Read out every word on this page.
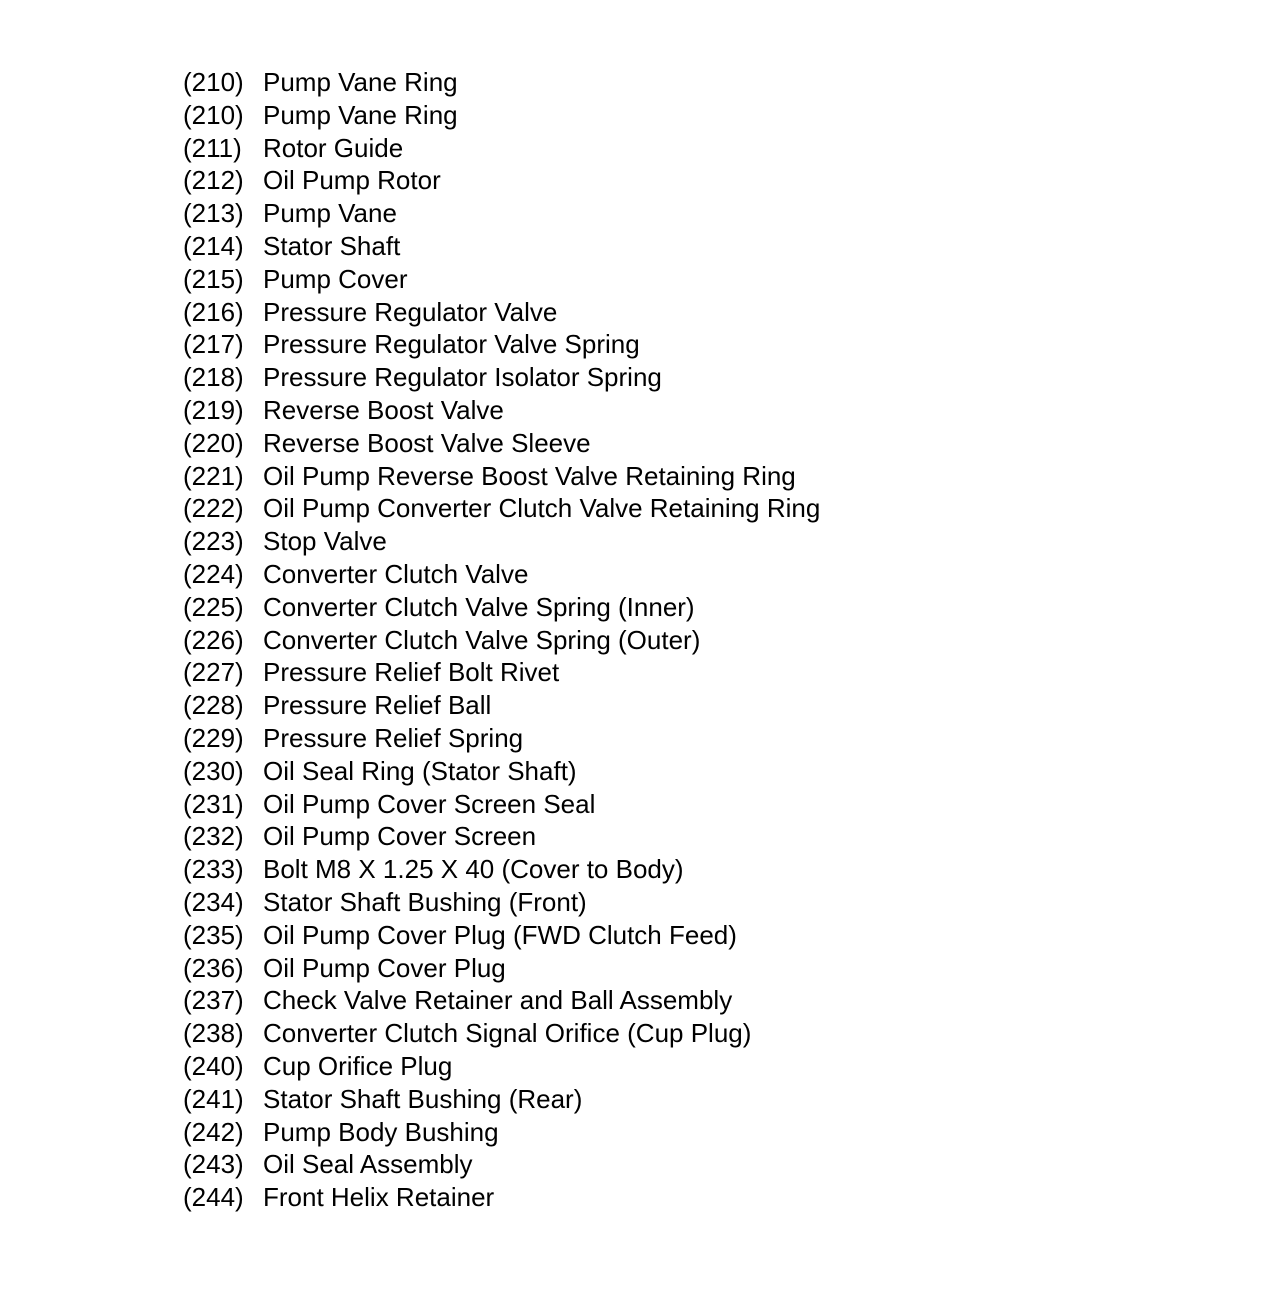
(210) Pump Vane Ring
(210) Pump Vane Ring
(211) Rotor Guide
(212) Oil Pump Rotor
(213) Pump Vane
(214) Stator Shaft
(215) Pump Cover
(216) Pressure Regulator Valve
(217) Pressure Regulator Valve Spring
(218) Pressure Regulator Isolator Spring
(219) Reverse Boost Valve
(220) Reverse Boost Valve Sleeve
(221) Oil Pump Reverse Boost Valve Retaining Ring
(222) Oil Pump Converter Clutch Valve Retaining Ring
(223) Stop Valve
(224) Converter Clutch Valve
(225) Converter Clutch Valve Spring (Inner)
(226) Converter Clutch Valve Spring (Outer)
(227) Pressure Relief Bolt Rivet
(228) Pressure Relief Ball
(229) Pressure Relief Spring
(230) Oil Seal Ring (Stator Shaft)
(231) Oil Pump Cover Screen Seal
(232) Oil Pump Cover Screen
(233) Bolt M8 X 1.25 X 40 (Cover to Body)
(234) Stator Shaft Bushing (Front)
(235) Oil Pump Cover Plug (FWD Clutch Feed)
(236) Oil Pump Cover Plug
(237) Check Valve Retainer and Ball Assembly
(238) Converter Clutch Signal Orifice (Cup Plug)
(240) Cup Orifice Plug
(241) Stator Shaft Bushing (Rear)
(242) Pump Body Bushing
(243) Oil Seal Assembly
(244) Front Helix Retainer
